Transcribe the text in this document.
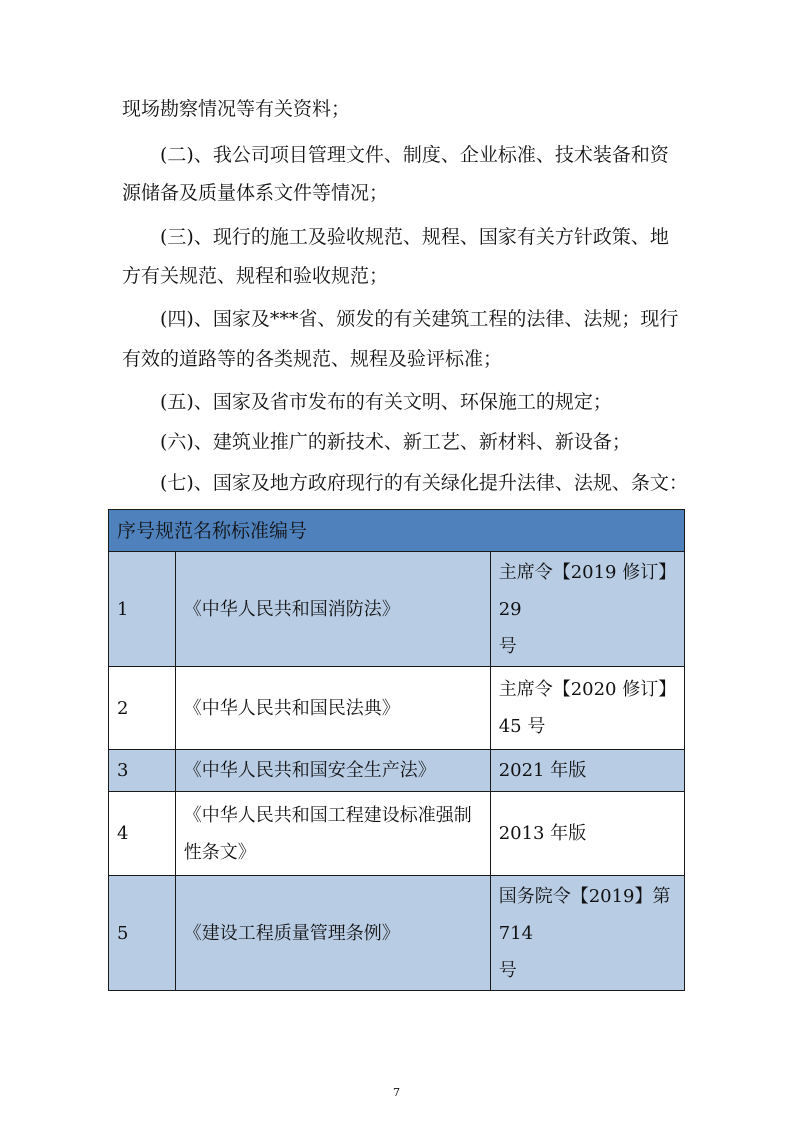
现场勘察情况等有关资料；

(二)、我公司项目管理文件、制度、企业标准、技术装备和资

源储备及质量体系文件等情况；

(三)、现行的施工及验收规范、规程、国家有关方针政策、地

方有关规范、规程和验收规范；

(四)、国家及***省、颁发的有关建筑工程的法律、法规；现行

有效的道路等的各类规范、规程及验评标准；

(五)、国家及省市发布的有关文明、环保施工的规定；

(六)、建筑业推广的新技术、新工艺、新材料、新设备；

(七)、国家及地方政府现行的有关绿化提升法律、法规、条文：

序号规范名称标准编号		
1	《中华人民共和国消防法》	主席令【2019 修订】
29
号

2	《中华人民共和国民法典》	主席令【2020 修订】
45 号

3	《中华人民共和国安全生产法》	2021 年版

4	《中华人民共和国工程建设标准强制性条文》	2013 年版

5	《建设工程质量管理条例》	国务院令【2019】第
714
号
7
